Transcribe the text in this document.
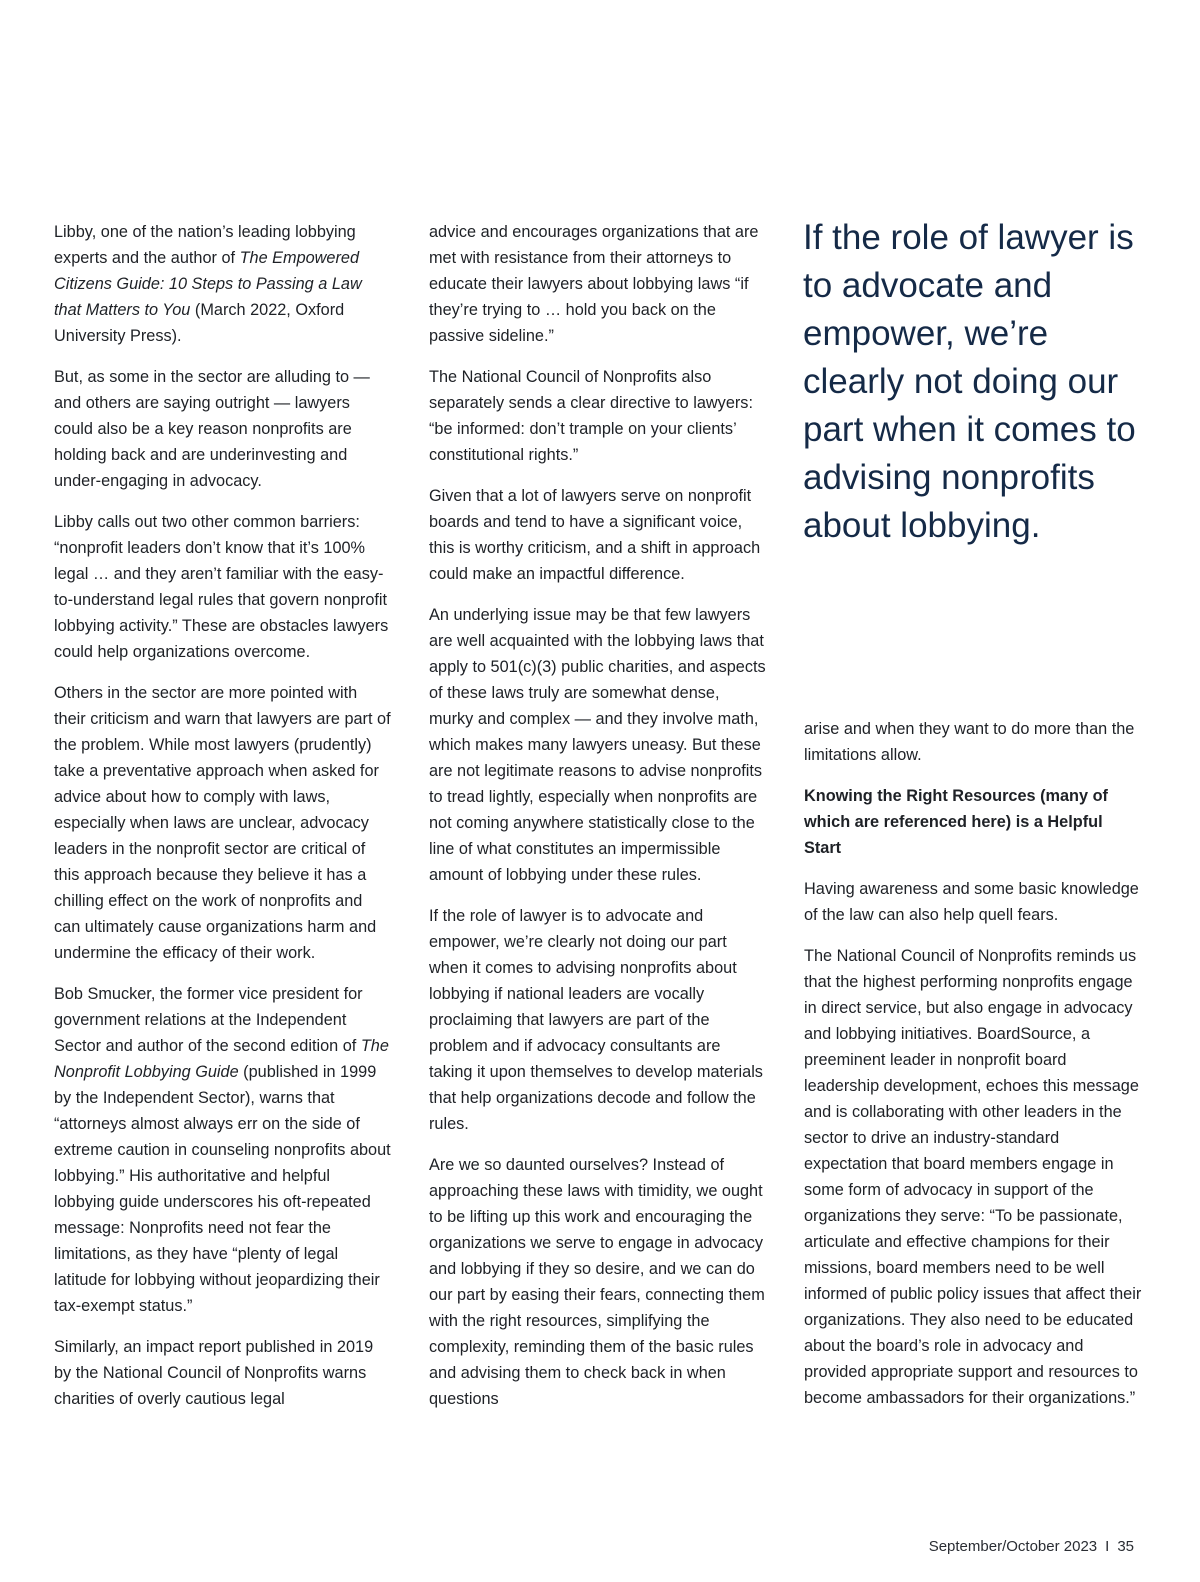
Libby, one of the nation’s leading lobbying experts and the author of The Empowered Citizens Guide: 10 Steps to Passing a Law that Matters to You (March 2022, Oxford University Press).

But, as some in the sector are alluding to — and others are saying outright — lawyers could also be a key reason nonprofits are holding back and are underinvesting and under-engaging in advocacy.

Libby calls out two other common barriers: “nonprofit leaders don’t know that it’s 100% legal … and they aren’t familiar with the easy-to-understand legal rules that govern nonprofit lobbying activity.” These are obstacles lawyers could help organizations overcome.

Others in the sector are more pointed with their criticism and warn that lawyers are part of the problem. While most lawyers (prudently) take a preventative approach when asked for advice about how to comply with laws, especially when laws are unclear, advocacy leaders in the nonprofit sector are critical of this approach because they believe it has a chilling effect on the work of nonprofits and can ultimately cause organizations harm and undermine the efficacy of their work.

Bob Smucker, the former vice president for government relations at the Independent Sector and author of the second edition of The Nonprofit Lobbying Guide (published in 1999 by the Independent Sector), warns that “attorneys almost always err on the side of extreme caution in counseling nonprofits about lobbying.” His authoritative and helpful lobbying guide underscores his oft-repeated message: Nonprofits need not fear the limitations, as they have “plenty of legal latitude for lobbying without jeopardizing their tax-exempt status.”

Similarly, an impact report published in 2019 by the National Council of Nonprofits warns charities of overly cautious legal

advice and encourages organizations that are met with resistance from their attorneys to educate their lawyers about lobbying laws “if they’re trying to … hold you back on the passive sideline.”

The National Council of Nonprofits also separately sends a clear directive to lawyers: “be informed: don’t trample on your clients’ constitutional rights.”

Given that a lot of lawyers serve on nonprofit boards and tend to have a significant voice, this is worthy criticism, and a shift in approach could make an impactful difference.

An underlying issue may be that few lawyers are well acquainted with the lobbying laws that apply to 501(c)(3) public charities, and aspects of these laws truly are somewhat dense, murky and complex — and they involve math, which makes many lawyers uneasy. But these are not legitimate reasons to advise nonprofits to tread lightly, especially when nonprofits are not coming anywhere statistically close to the line of what constitutes an impermissible amount of lobbying under these rules.

If the role of lawyer is to advocate and empower, we’re clearly not doing our part when it comes to advising nonprofits about lobbying if national leaders are vocally proclaiming that lawyers are part of the problem and if advocacy consultants are taking it upon themselves to develop materials that help organizations decode and follow the rules.

Are we so daunted ourselves? Instead of approaching these laws with timidity, we ought to be lifting up this work and encouraging the organizations we serve to engage in advocacy and lobbying if they so desire, and we can do our part by easing their fears, connecting them with the right resources, simplifying the complexity, reminding them of the basic rules and advising them to check back in when questions

If the role of lawyer is to advocate and empower, we’re clearly not doing our part when it comes to advising nonprofits about lobbying.

arise and when they want to do more than the limitations allow.

Knowing the Right Resources (many of which are referenced here) is a Helpful Start

Having awareness and some basic knowledge of the law can also help quell fears.

The National Council of Nonprofits reminds us that the highest performing nonprofits engage in direct service, but also engage in advocacy and lobbying initiatives. BoardSource, a preeminent leader in nonprofit board leadership development, echoes this message and is collaborating with other leaders in the sector to drive an industry-standard expectation that board members engage in some form of advocacy in support of the organizations they serve: “To be passionate, articulate and effective champions for their missions, board members need to be well informed of public policy issues that affect their organizations. They also need to be educated about the board’s role in advocacy and provided appropriate support and resources to become ambassadors for their organizations.”

September/October 2023 I 35
